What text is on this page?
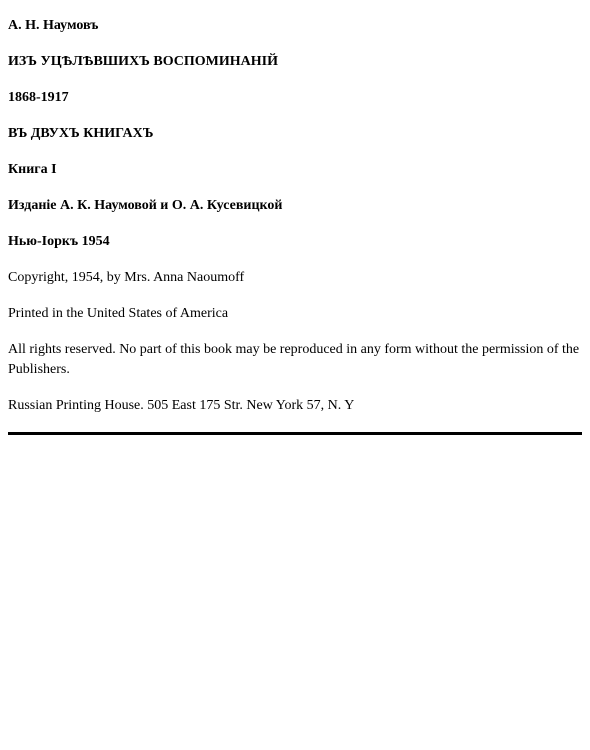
А. Н. Наумовъ
ИЗЪ УЦѢЛѢВШИХЪ ВОСПОМИНАНІЙ
1868-1917
ВЪ ДВУХЪ КНИГАХЪ
Книга I
Изданіе А. К. Наумовой и О. А. Кусевицкой
Нью-Іоркъ 1954
Copyright, 1954, by Mrs. Anna Naoumoff
Printed in the United States of America
All rights reserved. No part of this book may be reproduced in any form without the permission of the Publishers.
Russian Printing House. 505 East 175 Str. New York 57, N. Y
